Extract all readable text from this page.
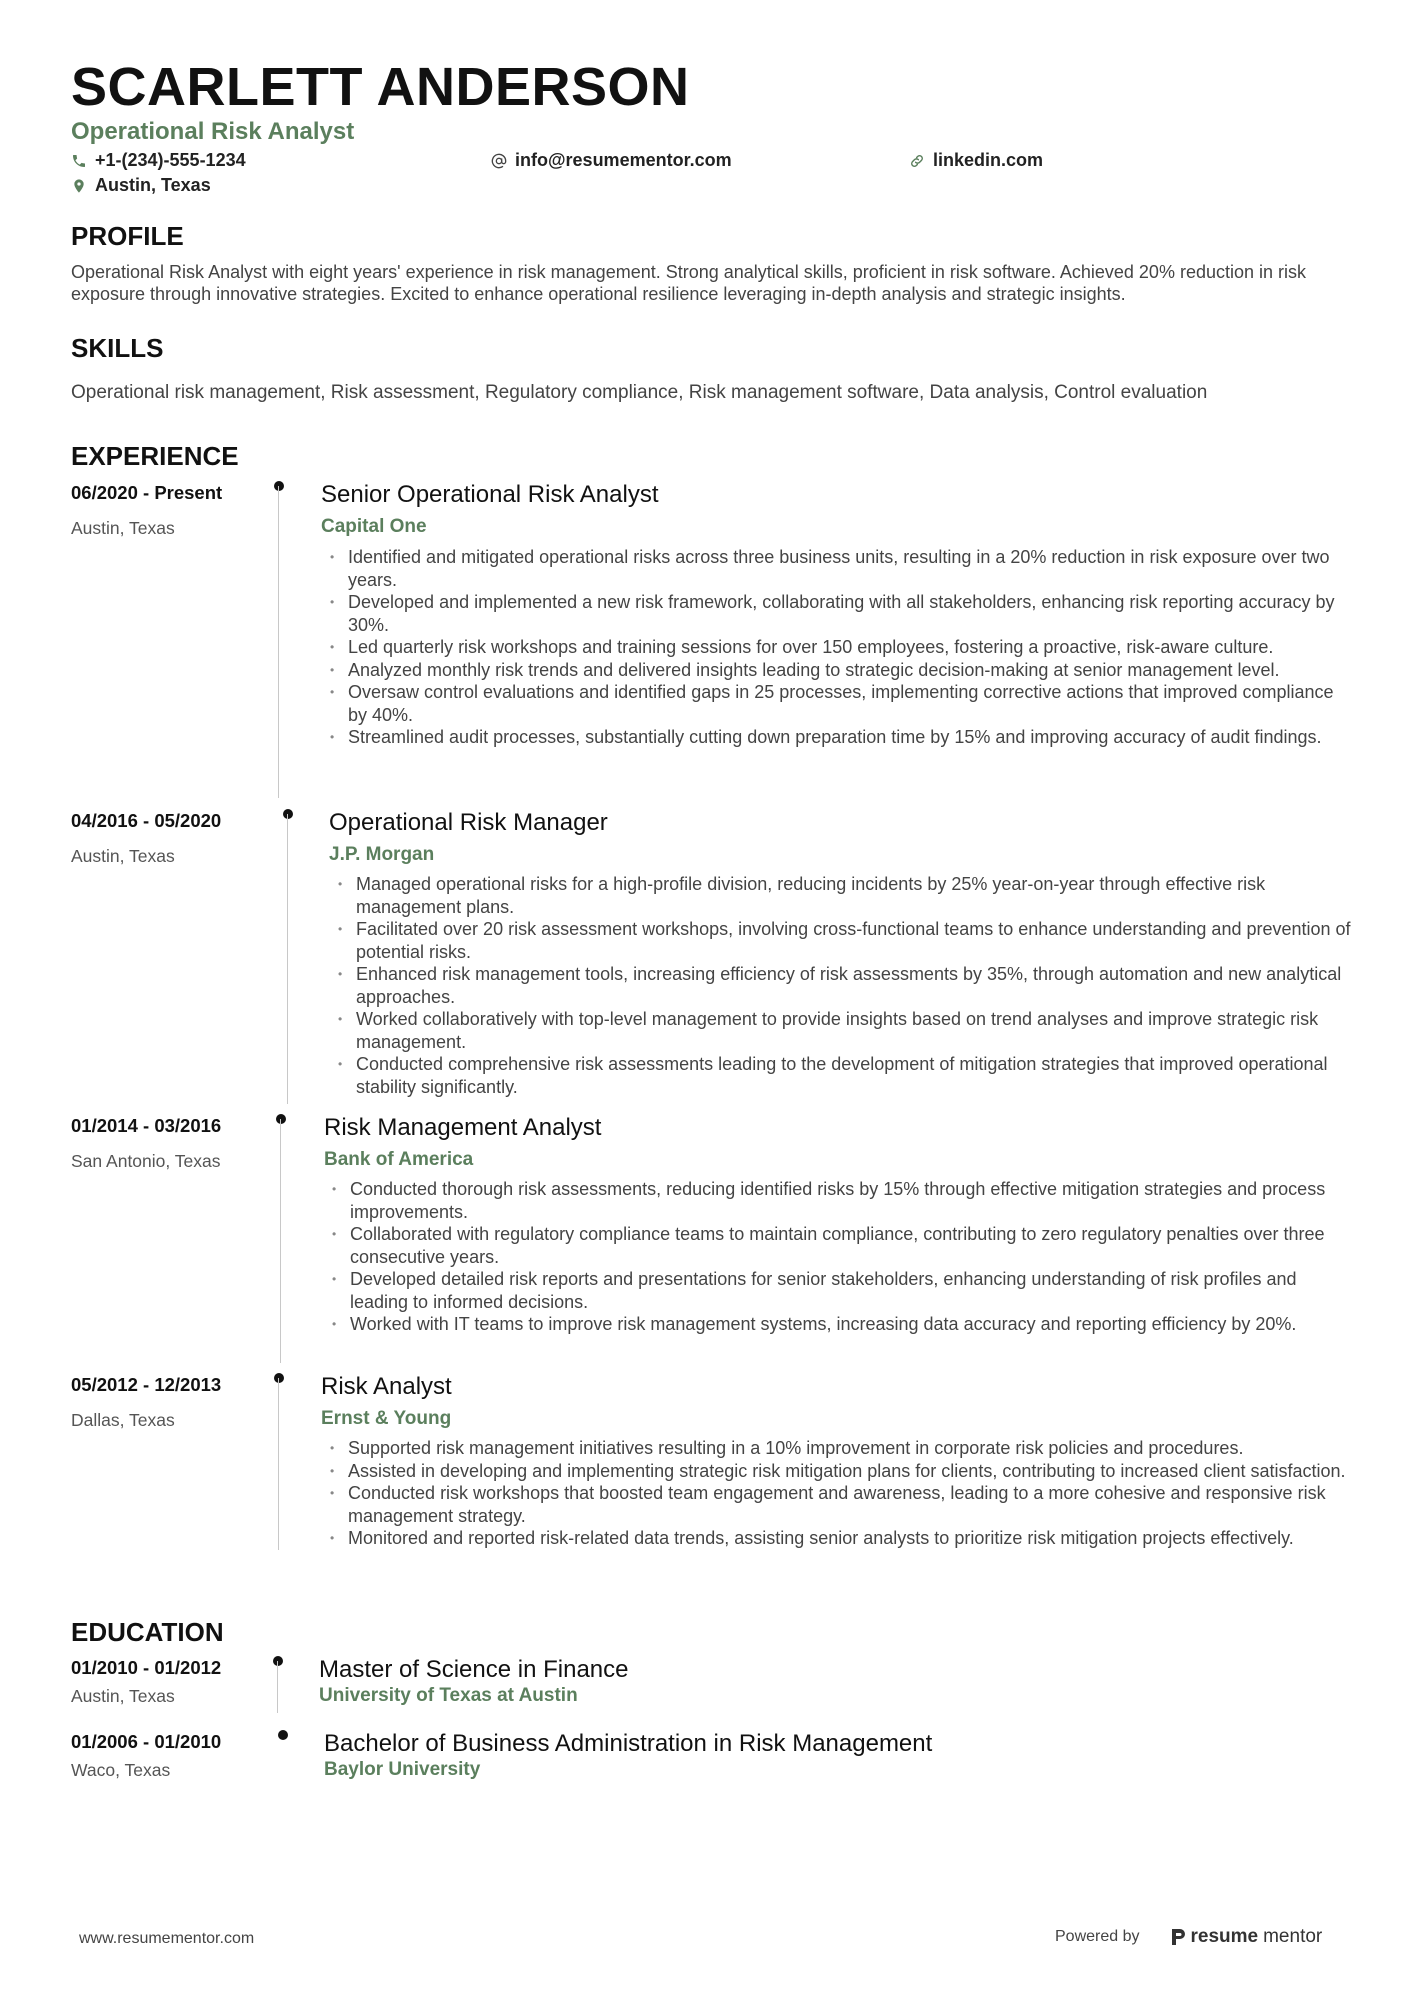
SCARLETT ANDERSON
Operational Risk Analyst
+1-(234)-555-1234	info@resumementor.com	linkedin.com
Austin, Texas
PROFILE
Operational Risk Analyst with eight years' experience in risk management. Strong analytical skills, proficient in risk software. Achieved 20% reduction in risk exposure through innovative strategies. Excited to enhance operational resilience leveraging in-depth analysis and strategic insights.
SKILLS
Operational risk management, Risk assessment, Regulatory compliance, Risk management software, Data analysis, Control evaluation
EXPERIENCE
06/2020 - Present
Austin, Texas
Senior Operational Risk Analyst
Capital One
• Identified and mitigated operational risks across three business units, resulting in a 20% reduction in risk exposure over two years.
• Developed and implemented a new risk framework, collaborating with all stakeholders, enhancing risk reporting accuracy by 30%.
• Led quarterly risk workshops and training sessions for over 150 employees, fostering a proactive, risk-aware culture.
• Analyzed monthly risk trends and delivered insights leading to strategic decision-making at senior management level.
• Oversaw control evaluations and identified gaps in 25 processes, implementing corrective actions that improved compliance by 40%.
• Streamlined audit processes, substantially cutting down preparation time by 15% and improving accuracy of audit findings.
04/2016 - 05/2020
Austin, Texas
Operational Risk Manager
J.P. Morgan
• Managed operational risks for a high-profile division, reducing incidents by 25% year-on-year through effective risk management plans.
• Facilitated over 20 risk assessment workshops, involving cross-functional teams to enhance understanding and prevention of potential risks.
• Enhanced risk management tools, increasing efficiency of risk assessments by 35%, through automation and new analytical approaches.
• Worked collaboratively with top-level management to provide insights based on trend analyses and improve strategic risk management.
• Conducted comprehensive risk assessments leading to the development of mitigation strategies that improved operational stability significantly.
01/2014 - 03/2016
San Antonio, Texas
Risk Management Analyst
Bank of America
• Conducted thorough risk assessments, reducing identified risks by 15% through effective mitigation strategies and process improvements.
• Collaborated with regulatory compliance teams to maintain compliance, contributing to zero regulatory penalties over three consecutive years.
• Developed detailed risk reports and presentations for senior stakeholders, enhancing understanding of risk profiles and leading to informed decisions.
• Worked with IT teams to improve risk management systems, increasing data accuracy and reporting efficiency by 20%.
05/2012 - 12/2013
Dallas, Texas
Risk Analyst
Ernst & Young
• Supported risk management initiatives resulting in a 10% improvement in corporate risk policies and procedures.
• Assisted in developing and implementing strategic risk mitigation plans for clients, contributing to increased client satisfaction.
• Conducted risk workshops that boosted team engagement and awareness, leading to a more cohesive and responsive risk management strategy.
• Monitored and reported risk-related data trends, assisting senior analysts to prioritize risk mitigation projects effectively.
EDUCATION
01/2010 - 01/2012
Austin, Texas
Master of Science in Finance
University of Texas at Austin
01/2006 - 01/2010
Waco, Texas
Bachelor of Business Administration in Risk Management
Baylor University
www.resumementor.com	Powered by	resume mentor
